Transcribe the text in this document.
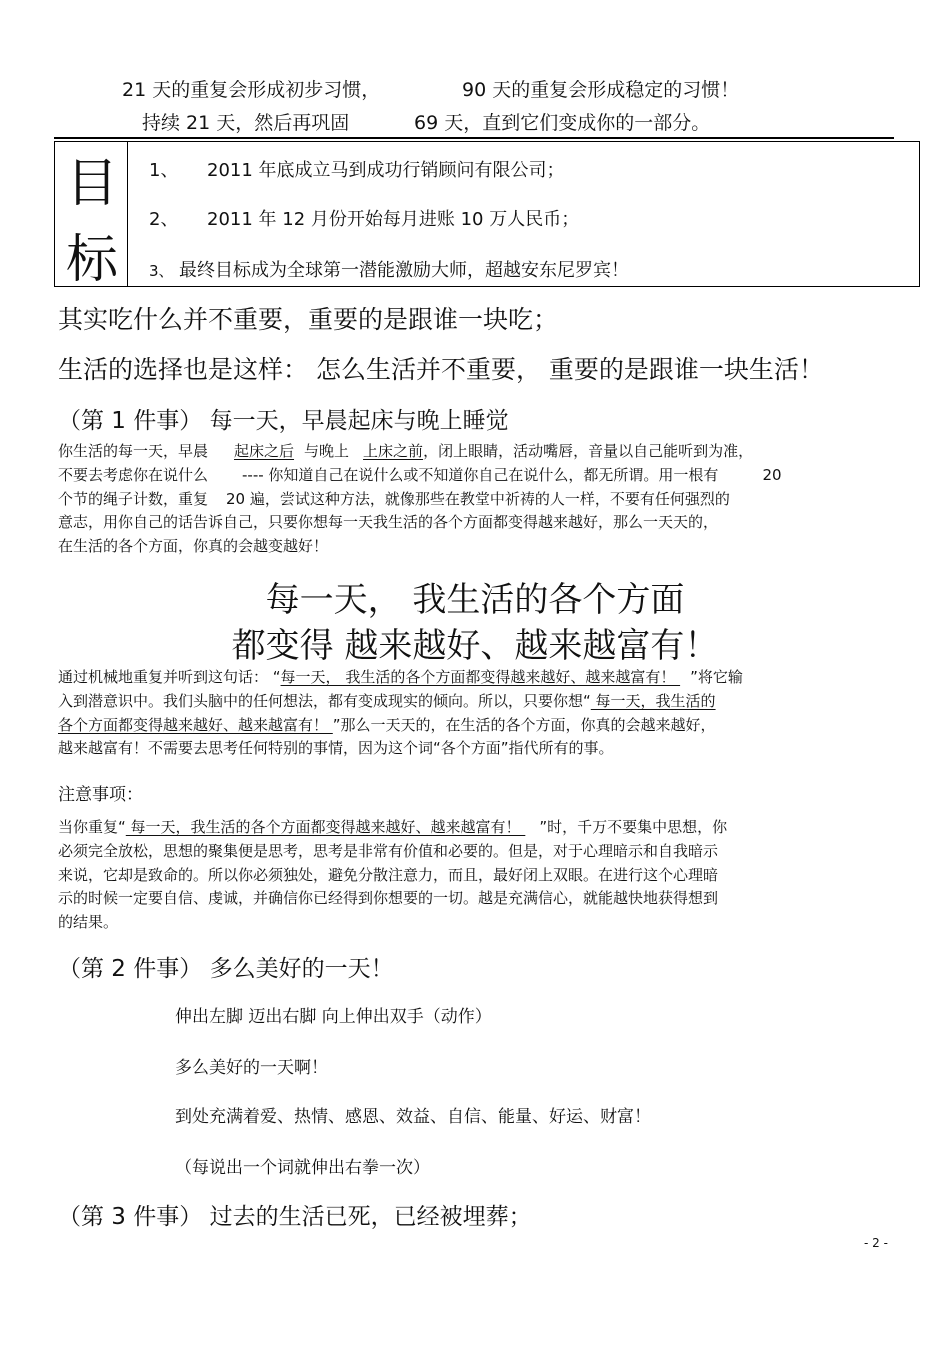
21 天的重复会形成初步习惯，	90 天的重复会形成稳定的习惯！
持续 21 天，然后再巩固	69 天，直到它们变成你的一部分。
目
标
1、 2011 年底成立马到成功行销顾问有限公司；
2、 2011 年 12 月份开始每月进账 10 万人民币；
3、 最终目标成为全球第一潜能激励大师，超越安东尼罗宾！
其实吃什么并不重要，重要的是跟谁一块吃；
生活的选择也是这样： 怎么生活并不重要， 重要的是跟谁一块生活！
（第 1 件事） 每一天，早晨起床与晚上睡觉
你生活的每一天，早晨 起床之后 与晚上 上床之前，闭上眼睛，活动嘴唇，音量以自己能听到为准，
不要去考虑你在说什么 ---- 你知道自己在说什么或不知道你自己在说什么，都无所谓。用一根有	20
个节的绳子计数，重复 20 遍，尝试这种方法，就像那些在教堂中祈祷的人一样，不要有任何强烈的
意志，用你自己的话告诉自己，只要你想每一天我生活的各个方面都变得越来越好，那么一天天的，
在生活的各个方面，你真的会越变越好！
每一天， 我生活的各个方面
都变得 越来越好、越来越富有！
通过机械地重复并听到这句话： “每一天， 我生活的各个方面都变得越来越好、越来越富有！ ”将它输
入到潜意识中。我们头脑中的任何想法，都有变成现实的倾向。所以，只要你想“ 每一天，我生活的
各个方面都变得越来越好、越来越富有！ ”那么一天天的，在生活的各个方面，你真的会越来越好，
越来越富有！不需要去思考任何特别的事情，因为这个词“各个方面”指代所有的事。
注意事项：
当你重复“ 每一天，我生活的各个方面都变得越来越好、越来越富有！ ”时，千万不要集中思想，你
必须完全放松，思想的聚集便是思考，思考是非常有价值和必要的。但是，对于心理暗示和自我暗示
来说，它却是致命的。所以你必须独处，避免分散注意力，而且，最好闭上双眼。在进行这个心理暗
示的时候一定要自信、虔诚，并确信你已经得到你想要的一切。越是充满信心，就能越快地获得想到
的结果。
（第 2 件事） 多么美好的一天！
伸出左脚 迈出右脚 向上伸出双手（动作）
多么美好的一天啊！
到处充满着爱、热情、感恩、效益、自信、能量、好运、财富！
（每说出一个词就伸出右拳一次）
（第 3 件事） 过去的生活已死，已经被埋葬；
- 2 -
